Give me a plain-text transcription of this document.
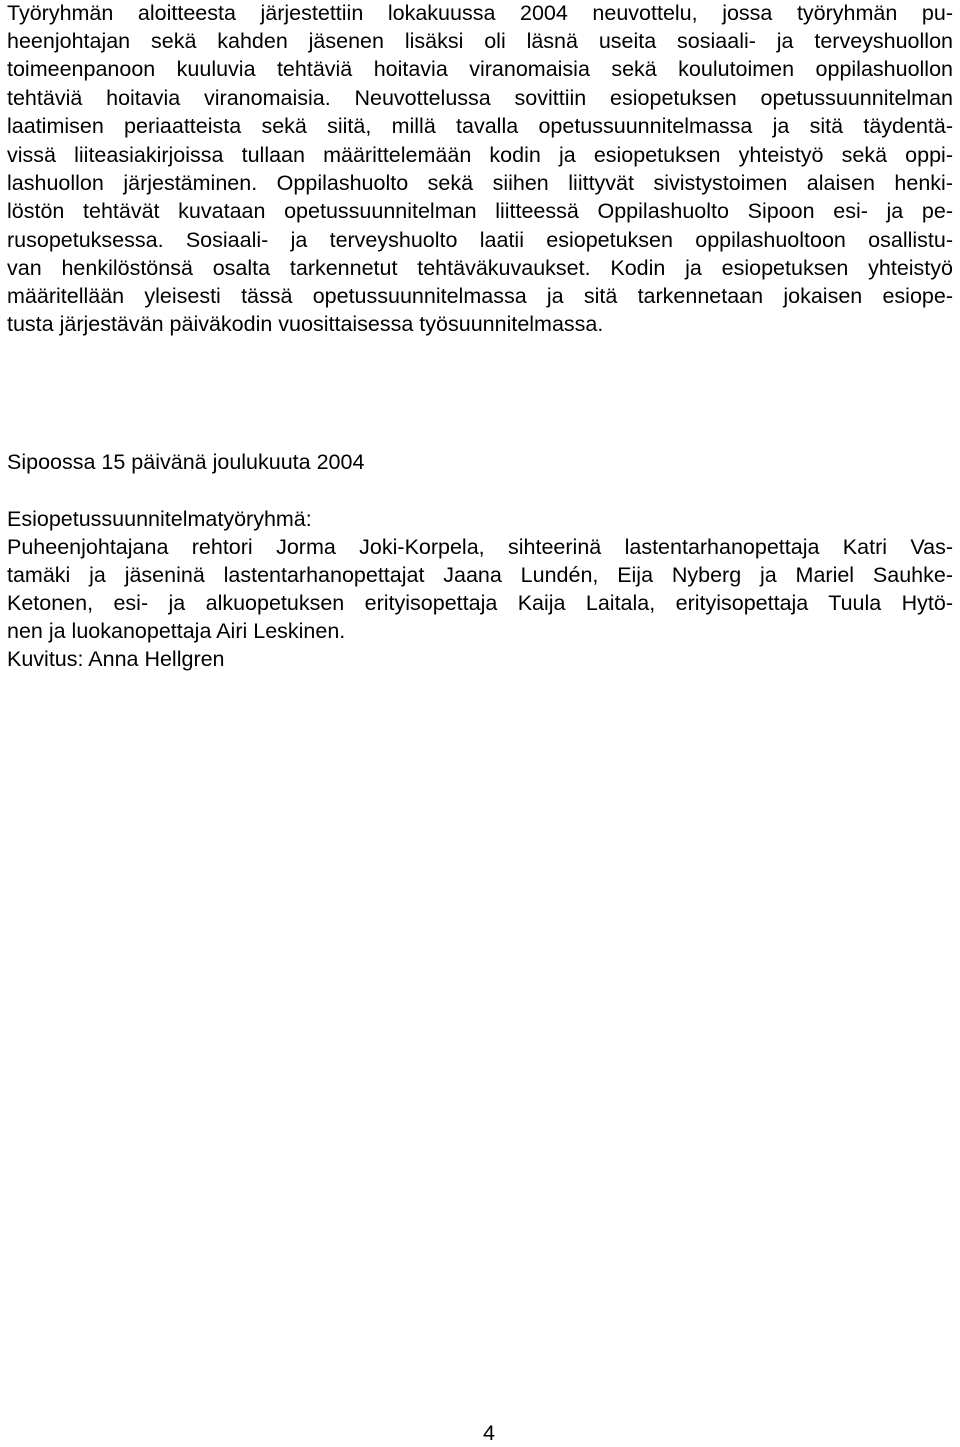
Työryhmän aloitteesta järjestettiin lokakuussa 2004 neuvottelu, jossa työryhmän pu-
heenjohtajan sekä kahden jäsenen lisäksi oli läsnä useita sosiaali- ja terveyshuollon
toimeenpanoon kuuluvia tehtäviä hoitavia viranomaisia sekä koulutoimen oppilashuollon
tehtäviä hoitavia viranomaisia. Neuvottelussa sovittiin esiopetuksen opetussuunnitelman
laatimisen periaatteista sekä siitä, millä tavalla opetussuunnitelmassa ja sitä täydentä-
vissä liiteasiakirjoissa tullaan määrittelemään kodin ja esiopetuksen yhteistyö sekä oppi-
lashuollon järjestäminen. Oppilashuolto sekä siihen liittyvät sivistystoimen alaisen henki-
löstön tehtävät kuvataan opetussuunnitelman liitteessä Oppilashuolto Sipoon esi- ja pe-
rusopetuksessa. Sosiaali- ja terveyshuolto laatii esiopetuksen oppilashuoltoon osallistu-
van henkilöstönsä osalta tarkennetut tehtäväkuvaukset. Kodin ja esiopetuksen yhteistyö
määritellään yleisesti tässä opetussuunnitelmassa ja sitä tarkennetaan jokaisen esiope-
tusta järjestävän päiväkodin vuosittaisessa työsuunnitelmassa.
Sipoossa 15 päivänä joulukuuta 2004
Esiopetussuunnitelmatyöryhmä:
Puheenjohtajana rehtori Jorma Joki-Korpela, sihteerinä lastentarhanopettaja Katri Vas-
tamäki ja jäseninä lastentarhanopettajat Jaana Lundén, Eija Nyberg ja Mariel Sauhke-
Ketonen, esi- ja alkuopetuksen erityisopettaja Kaija Laitala, erityisopettaja Tuula Hytö-
nen ja luokanopettaja Airi Leskinen.
Kuvitus: Anna Hellgren
4
